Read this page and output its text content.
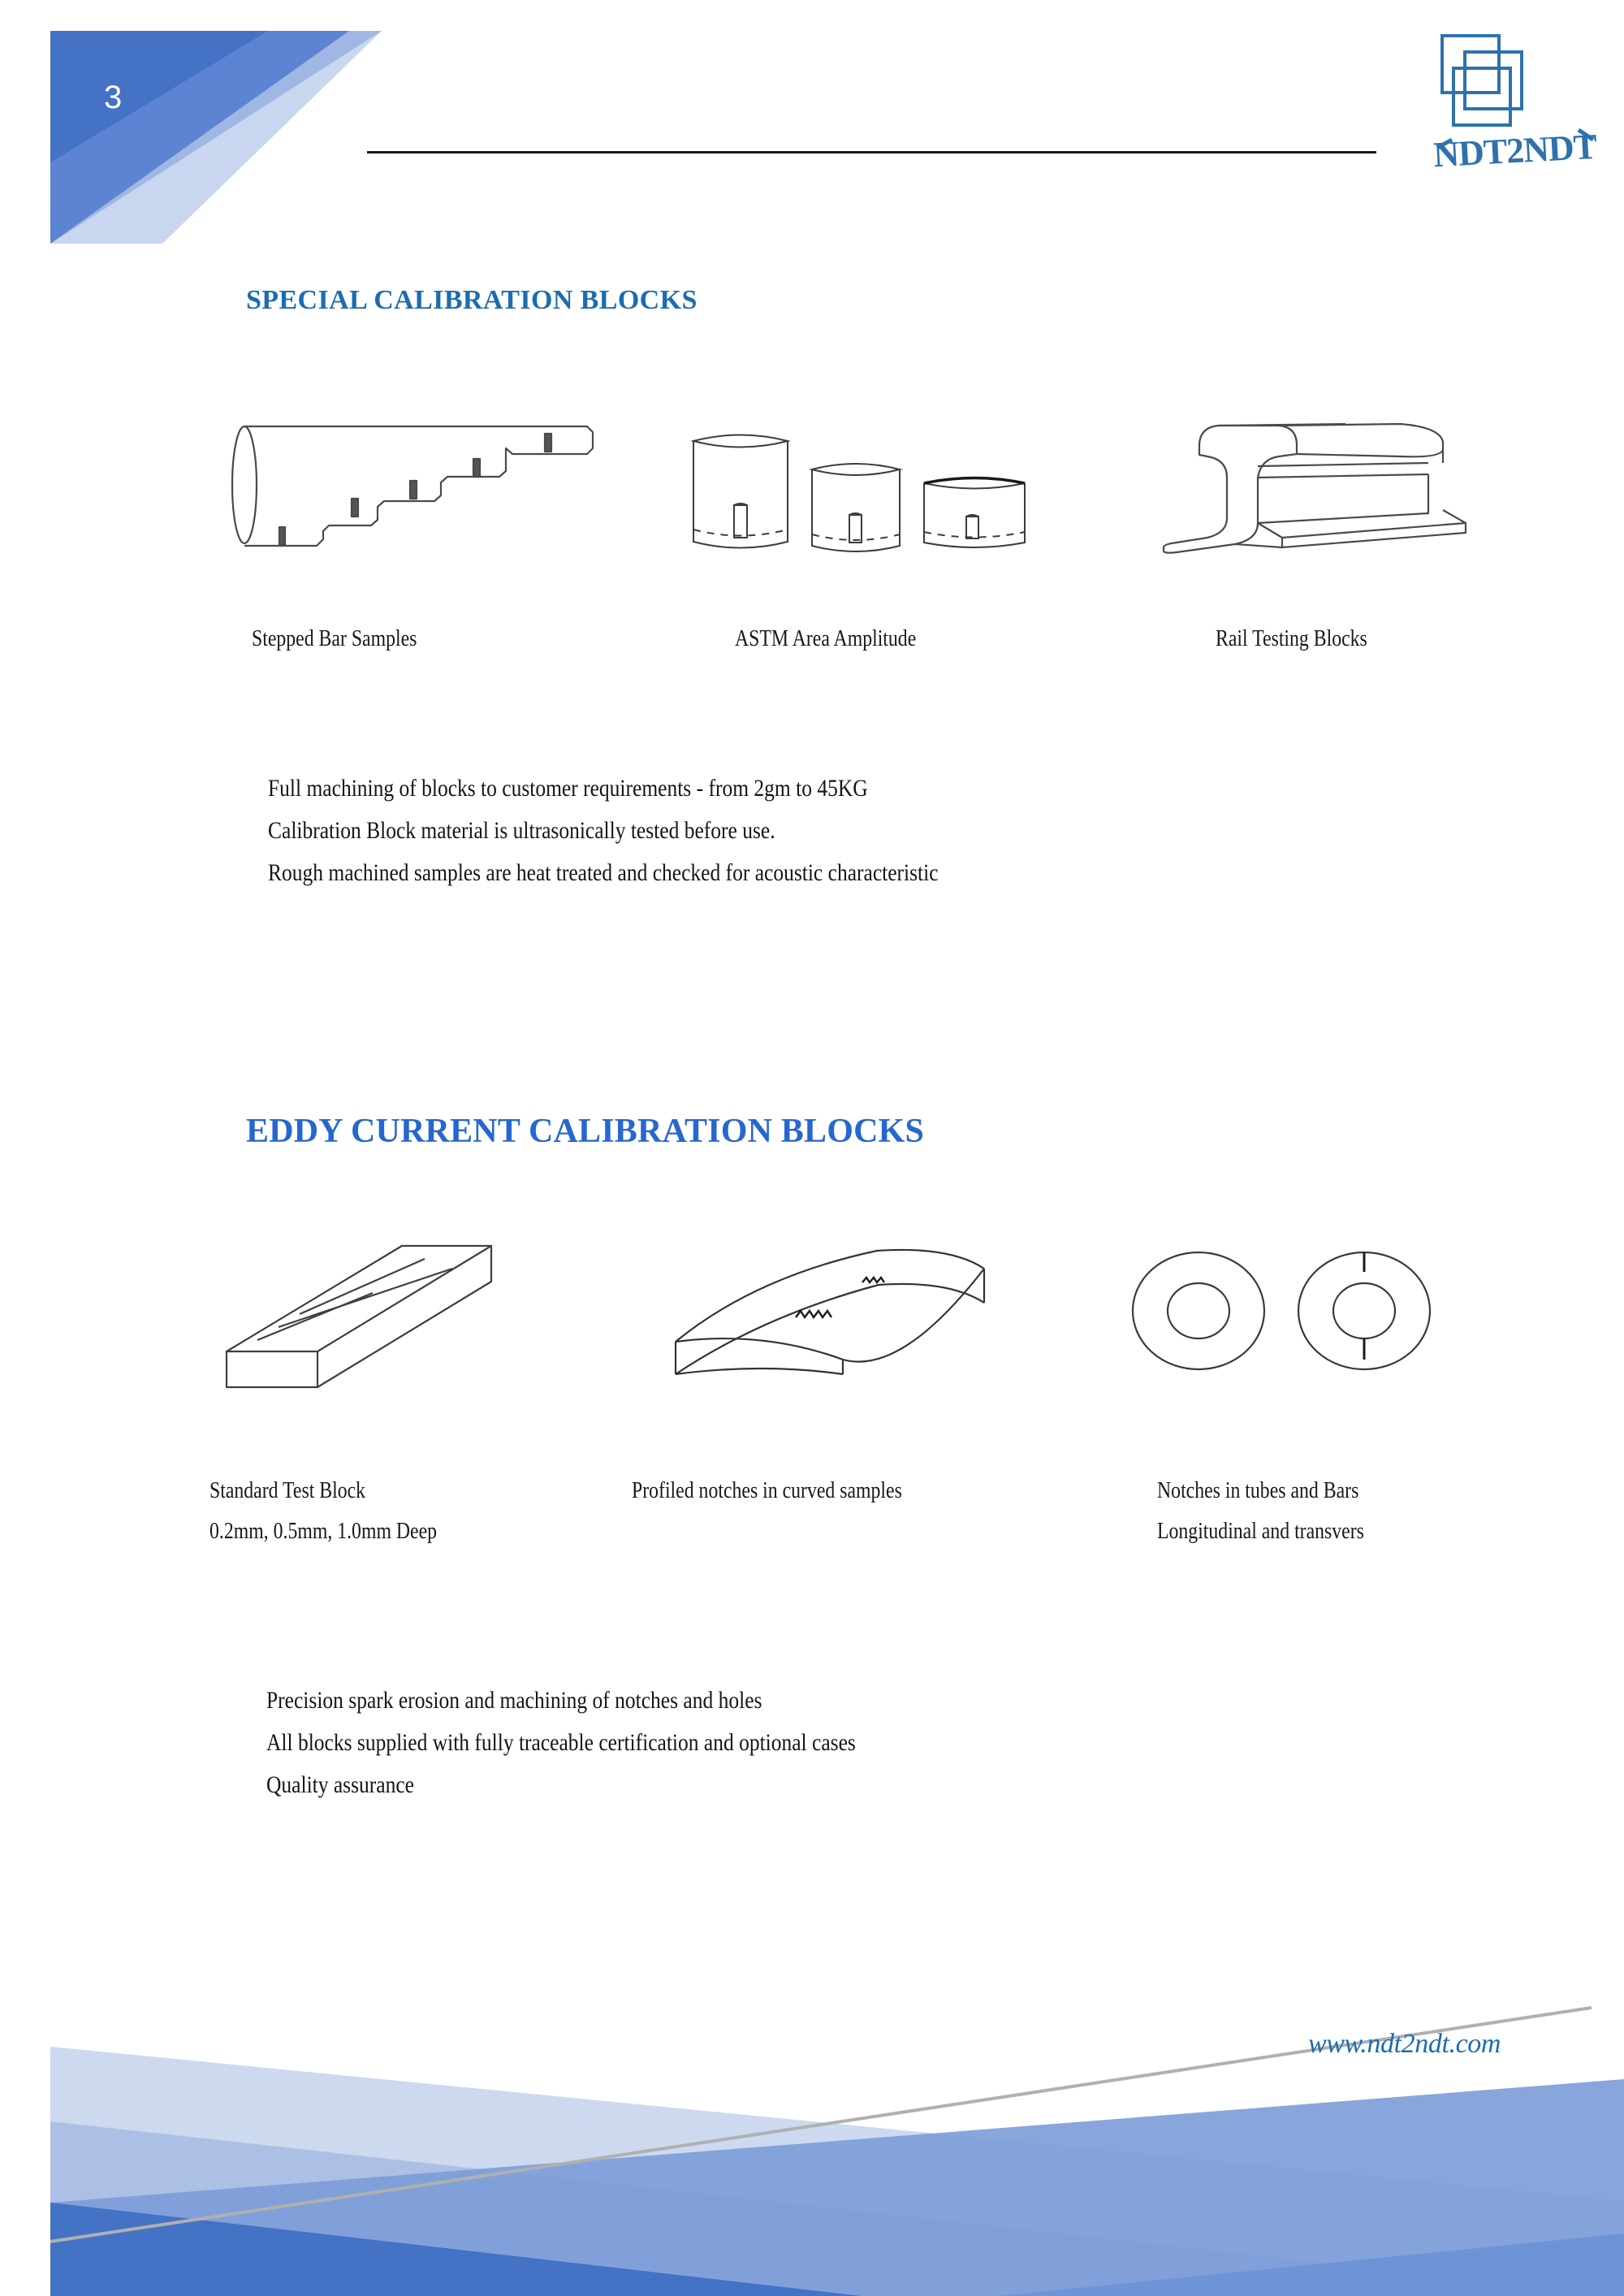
3
NDT2NDT
SPECIAL CALIBRATION BLOCKS
Stepped Bar Samples	ASTM Area Amplitude	Rail Testing Blocks
Full machining of blocks to customer requirements - from 2gm to 45KG
Calibration Block material is ultrasonically tested before use.
Rough machined samples are heat treated and checked for acoustic characteristic
EDDY CURRENT CALIBRATION BLOCKS
Standard Test Block
0.2mm, 0.5mm, 1.0mm Deep
Profiled notches in curved samples	Notches in tubes and Bars
Longitudinal and transvers
Precision spark erosion and machining of notches and holes
All blocks supplied with fully traceable certification and optional cases
Quality assurance
www.ndt2ndt.com
